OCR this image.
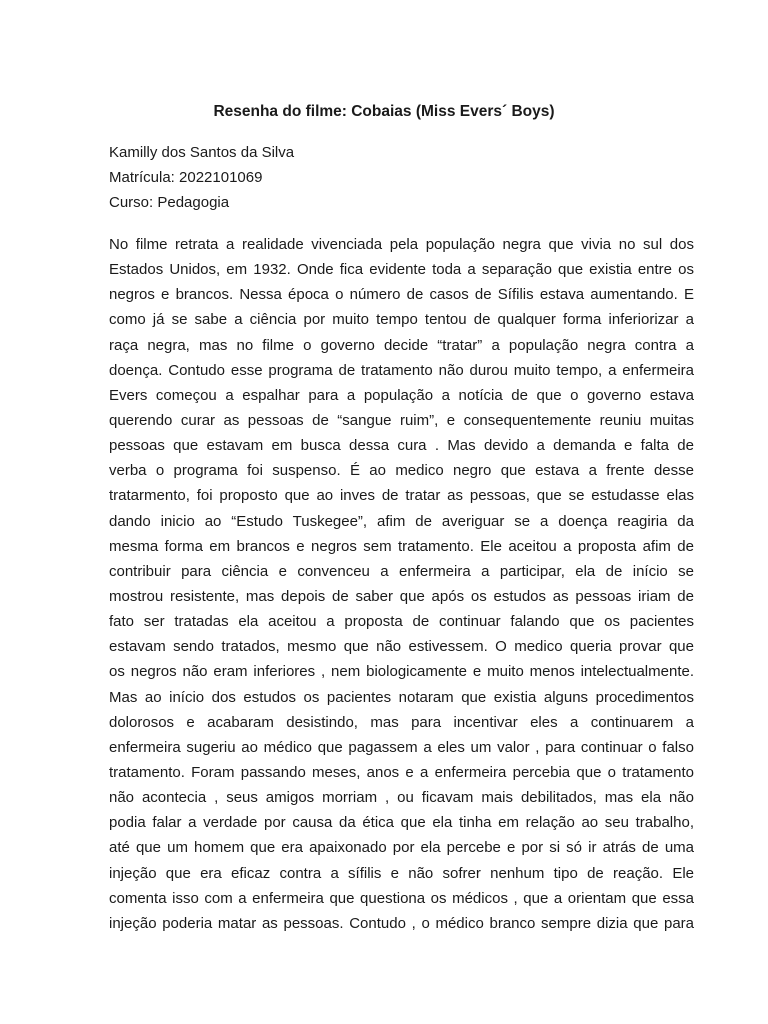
Resenha do filme: Cobaias (Miss Evers´ Boys)
Kamilly dos Santos da Silva
Matrícula: 2022101069
Curso: Pedagogia
No filme retrata a realidade vivenciada pela população negra que vivia no sul dos
Estados Unidos, em 1932. Onde fica evidente toda a separação que existia entre os
negros e brancos. Nessa época o número de casos de Sífilis estava aumentando. E
como já se sabe a ciência por muito tempo tentou de qualquer forma inferiorizar a
raça negra, mas no filme o governo decide “tratar” a população negra contra a
doença. Contudo esse programa de tratamento não durou muito tempo, a enfermeira
Evers começou a espalhar para a população a notícia de que o governo estava
querendo curar as pessoas de “sangue ruim”, e consequentemente reuniu muitas
pessoas que estavam em busca dessa cura . Mas devido a demanda e falta de
verba o programa foi suspenso. É ao medico negro que estava a frente desse
tratarmento, foi proposto que ao inves de tratar as pessoas, que se estudasse elas
dando inicio ao “Estudo Tuskegee”, afim de averiguar se a doença reagiria da
mesma forma em brancos e negros sem tratamento. Ele aceitou a proposta afim de
contribuir para ciência e convenceu a enfermeira a participar, ela de início se
mostrou resistente, mas depois de saber que após os estudos as pessoas iriam de
fato ser tratadas ela aceitou a proposta de continuar falando que os pacientes
estavam sendo tratados, mesmo que não estivessem. O medico queria provar que
os negros não eram inferiores , nem biologicamente e muito menos intelectualmente.
Mas ao início dos estudos os pacientes notaram que existia alguns procedimentos
dolorosos e acabaram desistindo, mas para incentivar eles a continuarem a
enfermeira sugeriu ao médico que pagassem a eles um valor , para continuar o falso
tratamento. Foram passando meses, anos e a enfermeira percebia que o tratamento
não acontecia , seus amigos morriam , ou ficavam mais debilitados, mas ela não
podia falar a verdade por causa da ética que ela tinha em relação ao seu trabalho,
até que um homem que era apaixonado por ela percebe e por si só ir atrás de uma
injeção que era eficaz contra a sífilis e não sofrer nenhum tipo de reação. Ele
comenta isso com a enfermeira que questiona os médicos , que a orientam que essa
injeção poderia matar as pessoas. Contudo , o médico branco sempre dizia que para
